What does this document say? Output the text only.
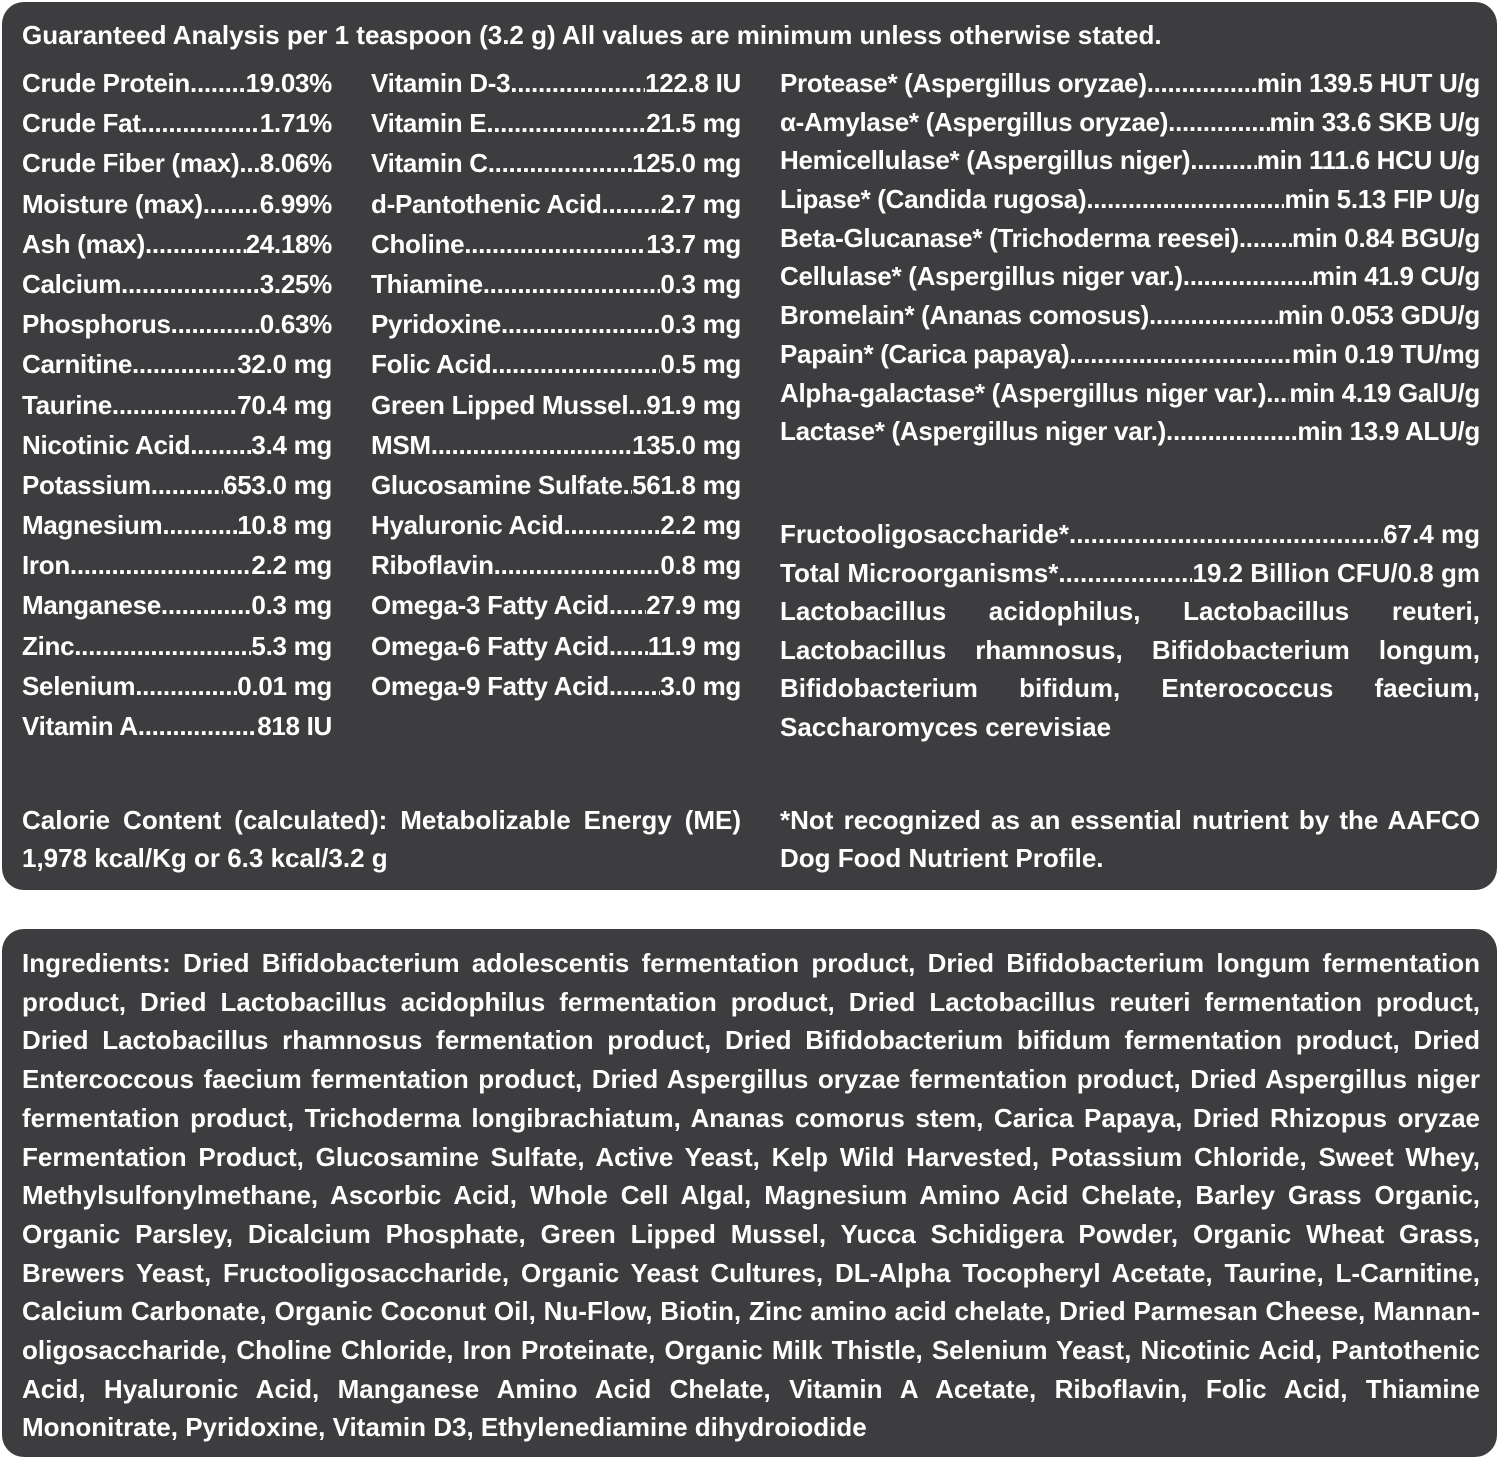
Guaranteed Analysis per 1 teaspoon (3.2 g) All values are minimum unless otherwise stated.
Crude Protein ..... 19.03%
Crude Fat .....	1.71%
Crude Fiber (max) ..... 8.06%
Moisture (max) ..... 6.99%
Ash (max) .....	24.18%
Calcium .....	3.25%
Phosphorus .....	0.63%
Carnitine .....	32.0 mg
Taurine .....	70.4 mg
Nicotinic Acid ..... 3.4 mg
Potassium .....	653.0 mg
Magnesium .....	10.8 mg
Iron .....	2.2 mg
Manganese .....	0.3 mg
Zinc .....	5.3 mg
Selenium .....	0.01 mg
Vitamin A .....	818 IU
Vitamin D-3 .....	122.8 IU
Vitamin E .....	21.5 mg
Vitamin C .....	125.0 mg
d-Pantothenic Acid ..... 2.7 mg
Choline .....	13.7 mg
Thiamine .....	0.3 mg
Pyridoxine .....	0.3 mg
Folic Acid .....	0.5 mg
Green Lipped Mussel ..... 91.9 mg
MSM .....	135.0 mg
Glucosamine Sulfate ..... 561.8 mg
Hyaluronic Acid .....	2.2 mg
Riboflavin .....	0.8 mg
Omega-3 Fatty Acid ..... 27.9 mg
Omega-6 Fatty Acid ..... 11.9 mg
Omega-9 Fatty Acid ..... 3.0 mg
Protease* (Aspergillus oryzae) .....	min 139.5 HUT U/g
α-Amylase* (Aspergillus oryzae) .....	min 33.6 SKB U/g
Hemicellulase* (Aspergillus niger) .....	min 111.6 HCU U/g
Lipase* (Candida rugosa) .....	min 5.13 FIP U/g
Beta-Glucanase* (Trichoderma reesei) ..... min 0.84 BGU/g
Cellulase* (Aspergillus niger var.) .....	min 41.9 CU/g
Bromelain* (Ananas comosus) .....	min 0.053 GDU/g
Papain* (Carica papaya) .....	min 0.19 TU/mg
Alpha-galactase* (Aspergillus niger var.) ..... min 4.19 GalU/g
Lactase* (Aspergillus niger var.) .....	min 13.9 ALU/g
Fructooligosaccharide* .....	67.4 mg
Total Microorganisms* .....	19.2 Billion CFU/0.8 gm
Lactobacillus acidophilus, Lactobacillus reuteri, Lactobacillus rhamnosus, Bifidobacterium longum, Bifidobacterium bifidum, Enterococcus faecium, Saccharomyces cerevisiae
Calorie Content (calculated): Metabolizable Energy (ME) 1,978 kcal/Kg or 6.3 kcal/3.2 g
*Not recognized as an essential nutrient by the AAFCO Dog Food Nutrient Profile.
Ingredients: Dried Bifidobacterium adolescentis fermentation product, Dried Bifidobacterium longum fermentation product, Dried Lactobacillus acidophilus fermentation product, Dried Lactobacillus reuteri fermentation product, Dried Lactobacillus rhamnosus fermentation product, Dried Bifidobacterium bifidum fermentation product, Dried Entercoccous faecium fermentation product, Dried Aspergillus oryzae fermentation product, Dried Aspergillus niger fermentation product, Trichoderma longibrachiatum, Ananas comorus stem, Carica Papaya, Dried Rhizopus oryzae Fermentation Product, Glucosamine Sulfate, Active Yeast, Kelp Wild Harvested, Potassium Chloride, Sweet Whey, Methylsulfonylmethane, Ascorbic Acid, Whole Cell Algal, Magnesium Amino Acid Chelate, Barley Grass Organic, Organic Parsley, Dicalcium Phosphate, Green Lipped Mussel, Yucca Schidigera Powder, Organic Wheat Grass, Brewers Yeast, Fructooligosaccharide, Organic Yeast Cultures, DL-Alpha Tocopheryl Acetate, Taurine, L-Carnitine, Calcium Carbonate, Organic Coconut Oil, Nu-Flow, Biotin, Zinc amino acid chelate, Dried Parmesan Cheese, Mannan-oligosaccharide, Choline Chloride, Iron Proteinate, Organic Milk Thistle, Selenium Yeast, Nicotinic Acid, Pantothenic Acid, Hyaluronic Acid, Manganese Amino Acid Chelate, Vitamin A Acetate, Riboflavin, Folic Acid, Thiamine Mononitrate, Pyridoxine, Vitamin D3, Ethylenediamine dihydroiodide
